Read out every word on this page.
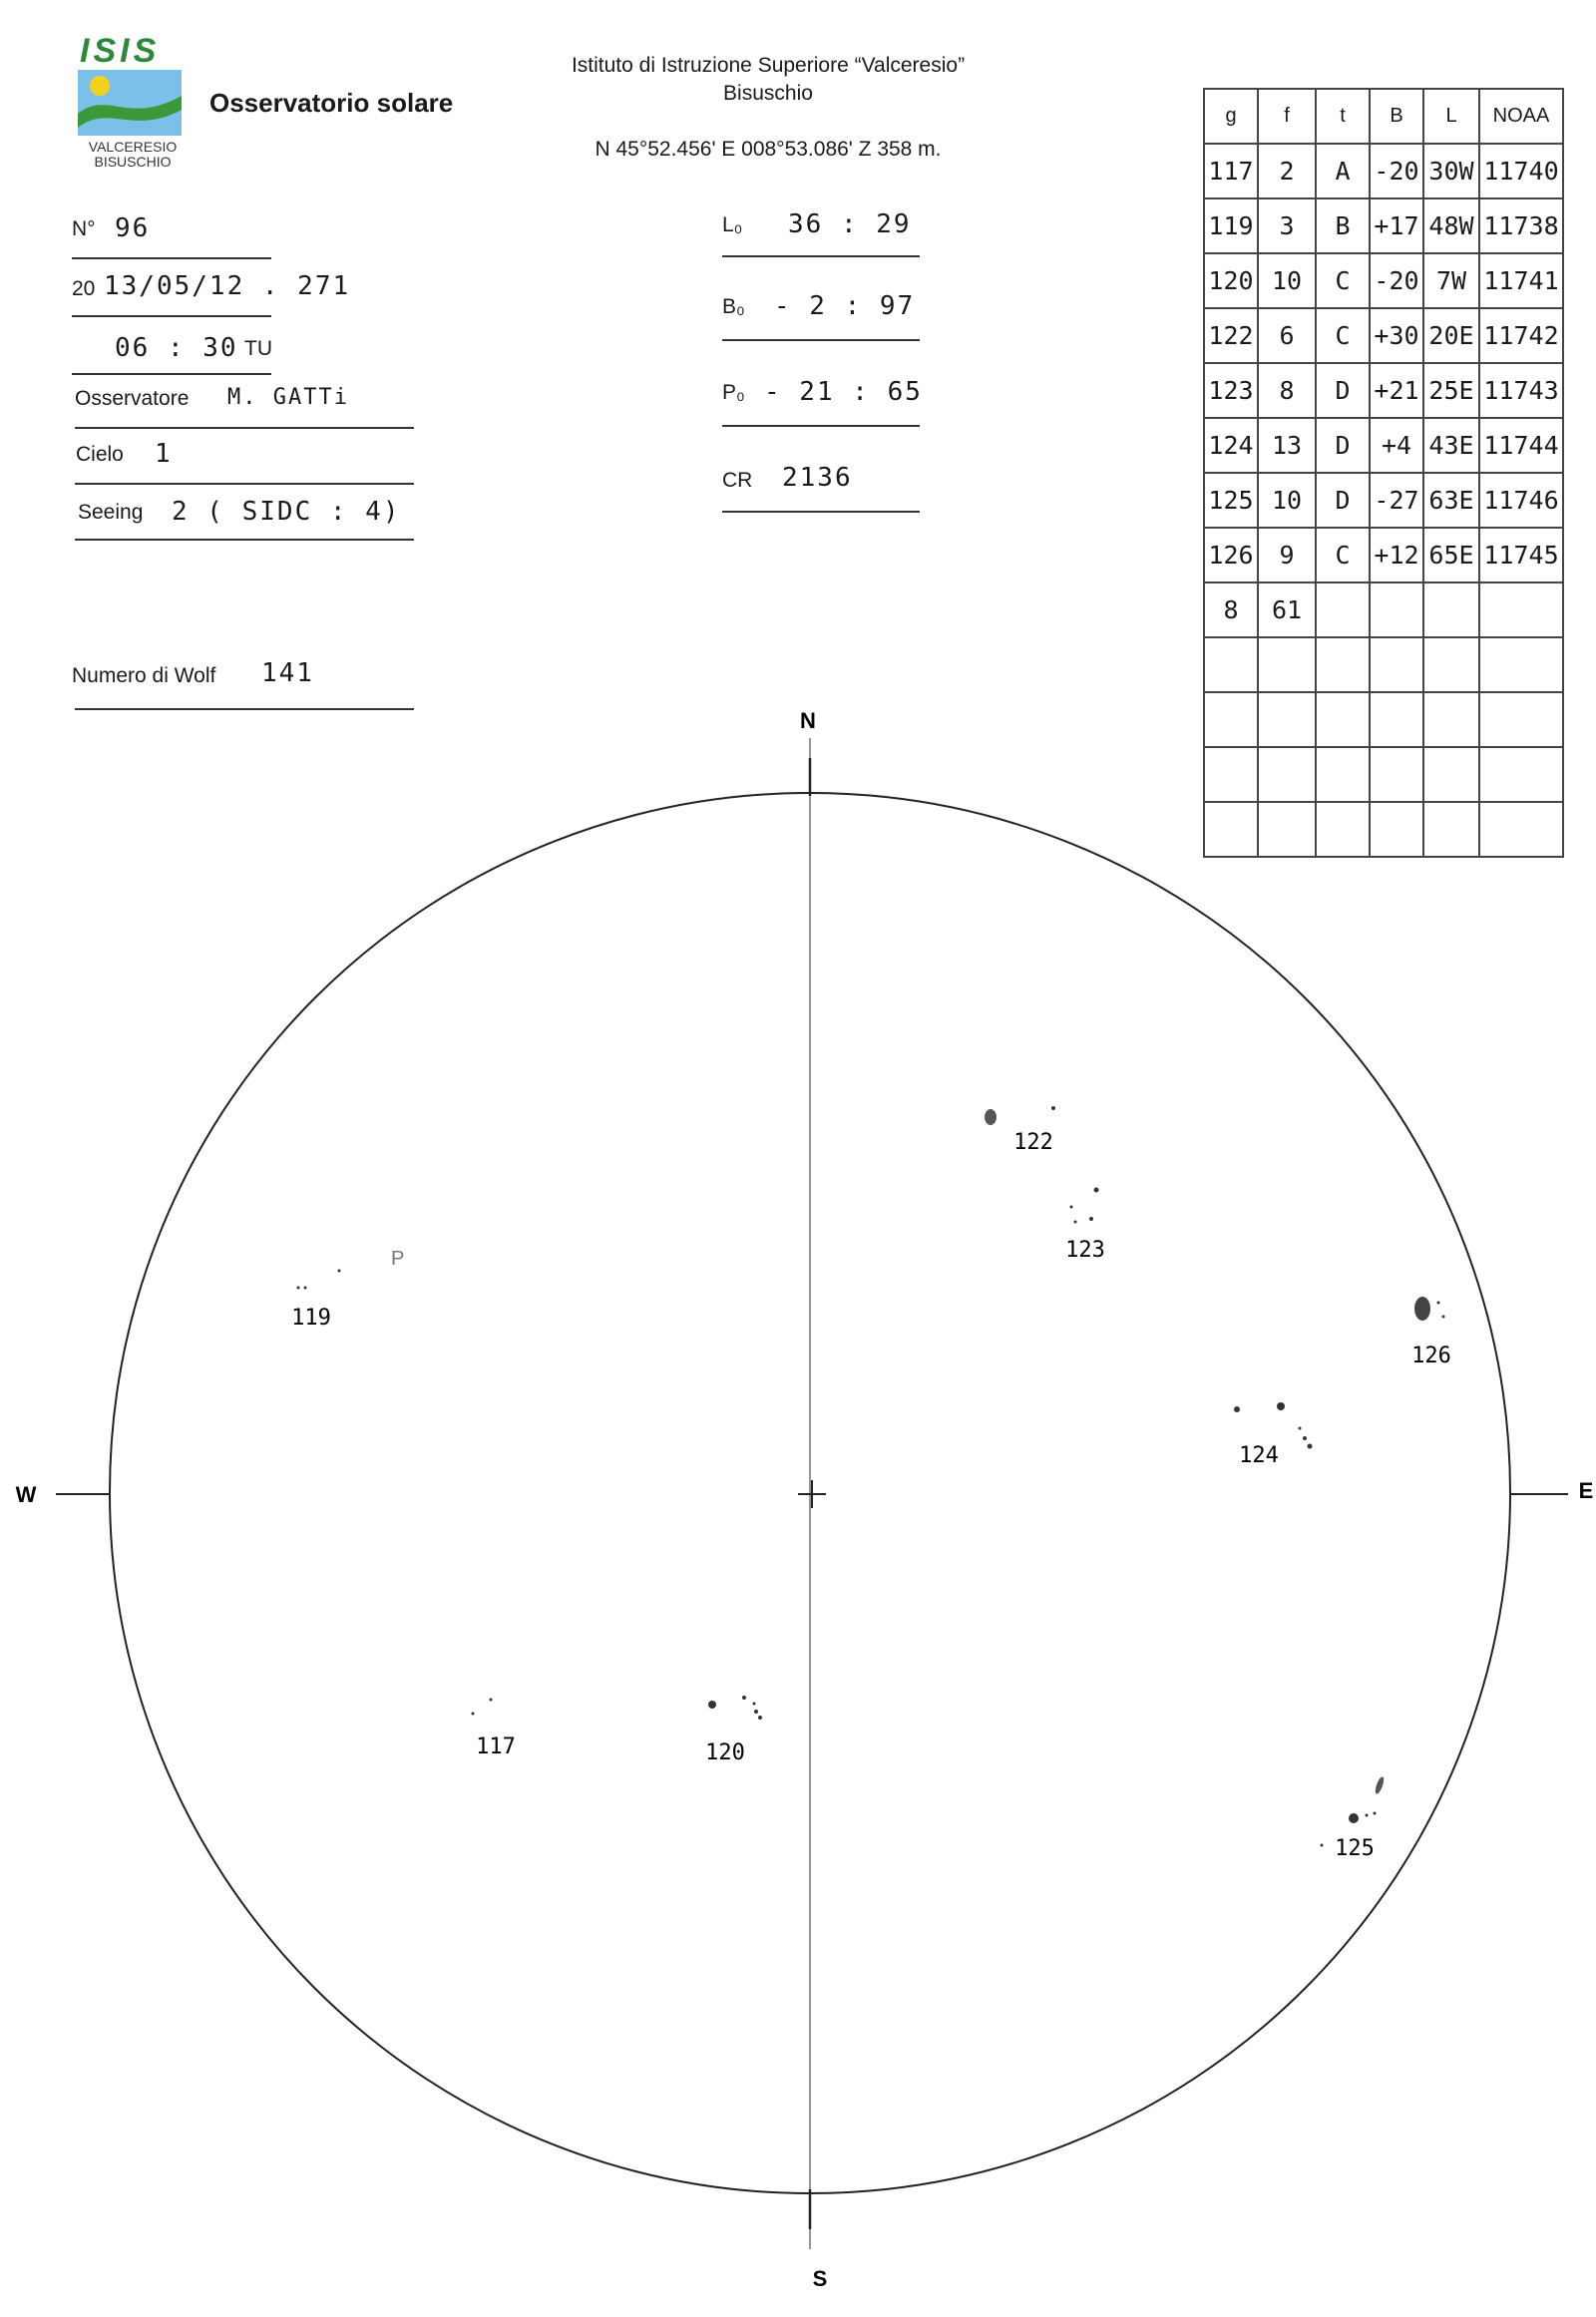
ISIS
VALCERESIO
BISUSCHIO
Osservatorio solare
Istituto di Istruzione Superiore “Valceresio”
Bisuschio
N 45°52.456' E 008°53.086' Z 358 m.
N° 96
20 13/05/12 . 271
06 : 30 TU
Osservatore M. GATTi
Cielo 1
Seeing 2 ( SIDC : 4)
Numero di Wolf 141
L₀ 36 : 29
B₀ - 2 : 97
P₀ - 21 : 65
CR 2136
g	f	t	B	L	NOAA
117	2	A	-20	30W	11740
119	3	B	+17	48W	11738
120	10	C	-20	7W	11741
122	6	C	+30	20E	11742
123	8	D	+21	25E	11743
124	13	D	+4	43E	11744
125	10	D	-27	63E	11746
126	9	C	+12	65E	11745
8	61				

N
S
W	E
P
122
123
126
124
119
120
117
125
